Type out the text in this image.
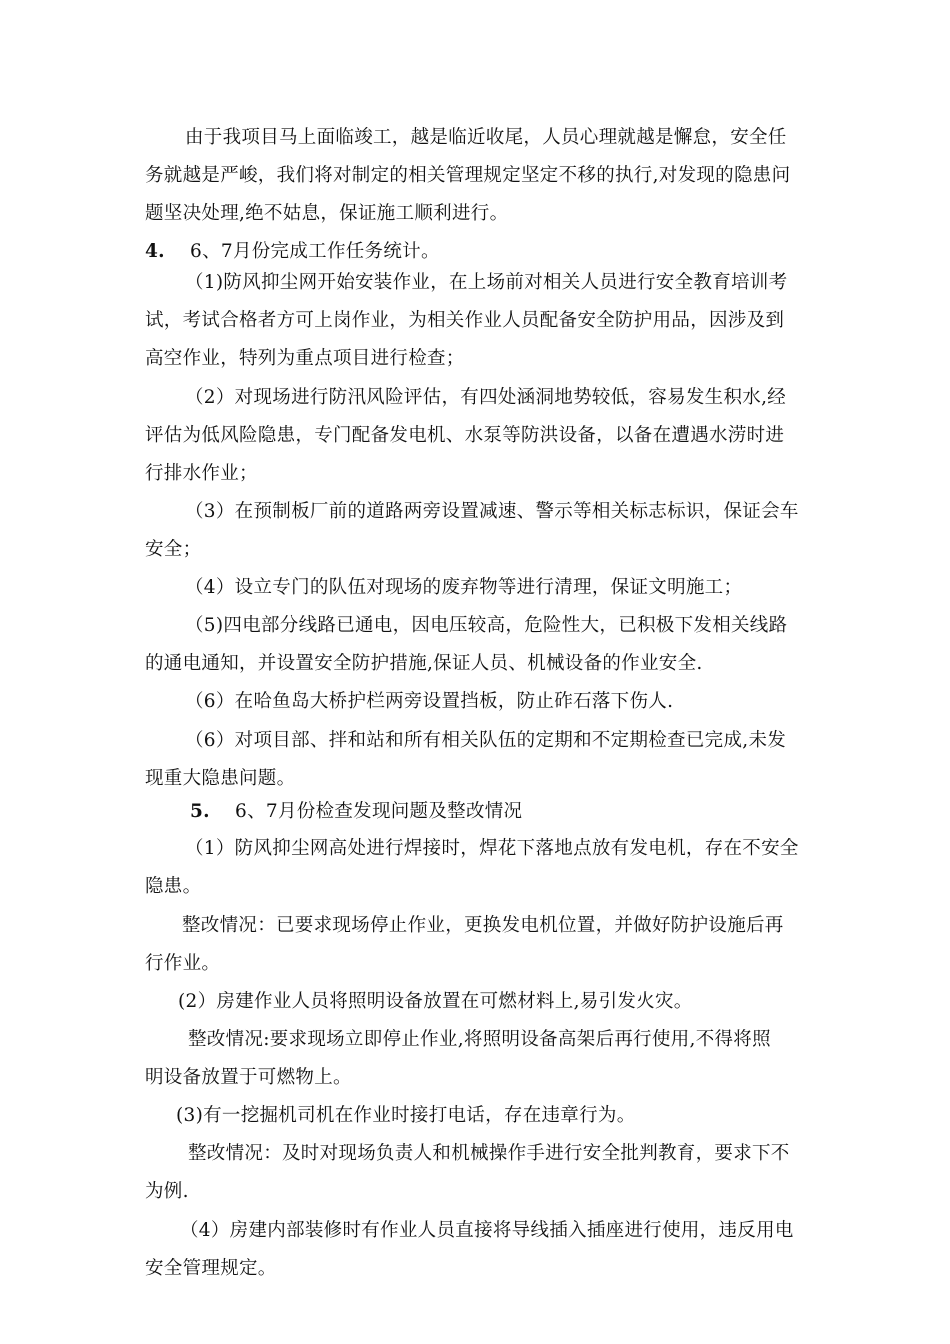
由于我项目马上面临竣工，越是临近收尾，人员心理就越是懈怠，安全任
务就越是严峻，我们将对制定的相关管理规定坚定不移的执行,对发现的隐患问
题坚决处理,绝不姑息，保证施工顺利进行。
4. 6、7月份完成工作任务统计。
（1)防风抑尘网开始安装作业，在上场前对相关人员进行安全教育培训考
试，考试合格者方可上岗作业，为相关作业人员配备安全防护用品，因涉及到
高空作业，特列为重点项目进行检查；
（2）对现场进行防汛风险评估，有四处涵洞地势较低，容易发生积水,经
评估为低风险隐患，专门配备发电机、水泵等防洪设备，以备在遭遇水涝时进
行排水作业；
（3）在预制板厂前的道路两旁设置减速、警示等相关标志标识，保证会车
安全；
（4）设立专门的队伍对现场的废弃物等进行清理，保证文明施工；
（5)四电部分线路已通电，因电压较高，危险性大，已积极下发相关线路
的通电通知，并设置安全防护措施,保证人员、机械设备的作业安全.
（6）在哈鱼岛大桥护栏两旁设置挡板，防止砟石落下伤人.
（6）对项目部、拌和站和所有相关队伍的定期和不定期检查已完成,未发
现重大隐患问题。
5. 6、7月份检查发现问题及整改情况
（1）防风抑尘网高处进行焊接时，焊花下落地点放有发电机，存在不安全
隐患。
整改情况：已要求现场停止作业，更换发电机位置，并做好防护设施后再
行作业。
(2）房建作业人员将照明设备放置在可燃材料上,易引发火灾。
整改情况:要求现场立即停止作业,将照明设备高架后再行使用,不得将照
明设备放置于可燃物上。
(3)有一挖掘机司机在作业时接打电话，存在违章行为。
整改情况：及时对现场负责人和机械操作手进行安全批判教育，要求下不
为例.
（4）房建内部装修时有作业人员直接将导线插入插座进行使用，违反用电
安全管理规定。
